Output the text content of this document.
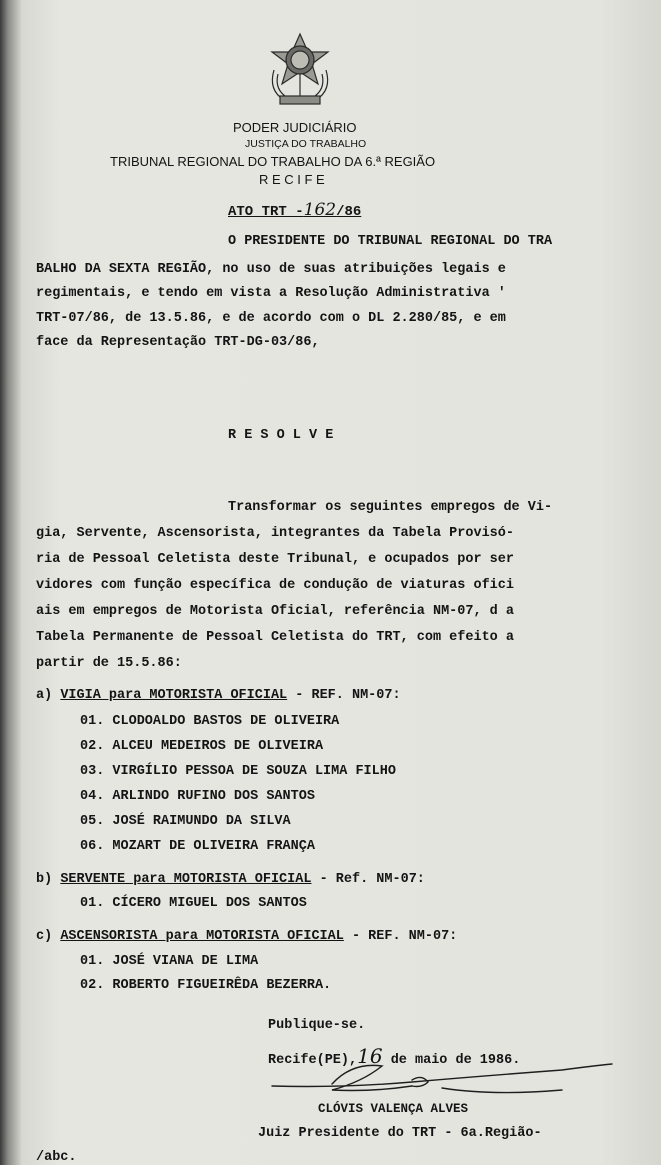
PODER JUDICIÁRIO
JUSTIÇA DO TRABALHO
TRIBUNAL REGIONAL DO TRABALHO DA 6.ª REGIÃO
R E C I F E
ATO TRT -162/86
O PRESIDENTE DO TRIBUNAL REGIONAL DO TRA
BALHO DA SEXTA REGIÃO, no uso de suas atribuições legais e
regimentais, e tendo em vista a Resolução Administrativa '
TRT-07/86, de 13.5.86, e de acordo com o DL 2.280/85, e em
face da Representação TRT-DG-03/86,
R E S O L V E
Transformar os seguintes empregos de Vi-
gia, Servente, Ascensorista, integrantes da Tabela Provisó-
ria de Pessoal Celetista deste Tribunal, e ocupados por ser
vidores com função específica de condução de viaturas ofici
ais em empregos de Motorista Oficial, referência NM-07, d a
Tabela Permanente de Pessoal Celetista do TRT, com efeito a
partir de 15.5.86:
a) VIGIA para MOTORISTA OFICIAL - REF. NM-07:
01. CLODOALDO BASTOS DE OLIVEIRA
02. ALCEU MEDEIROS DE OLIVEIRA
03. VIRGÍLIO PESSOA DE SOUZA LIMA FILHO
04. ARLINDO RUFINO DOS SANTOS
05. JOSÉ RAIMUNDO DA SILVA
06. MOZART DE OLIVEIRA FRANÇA
b) SERVENTE para MOTORISTA OFICIAL - Ref. NM-07:
01. CÍCERO MIGUEL DOS SANTOS
c) ASCENSORISTA para MOTORISTA OFICIAL - REF. NM-07:
01. JOSÉ VIANA DE LIMA
02. ROBERTO FIGUEIRÊDA BEZERRA.
Publique-se.
Recife(PE),16 de maio de 1986.
CLÓVIS VALENÇA ALVES
Juiz Presidente do TRT - 6a.Região-
/abc.
